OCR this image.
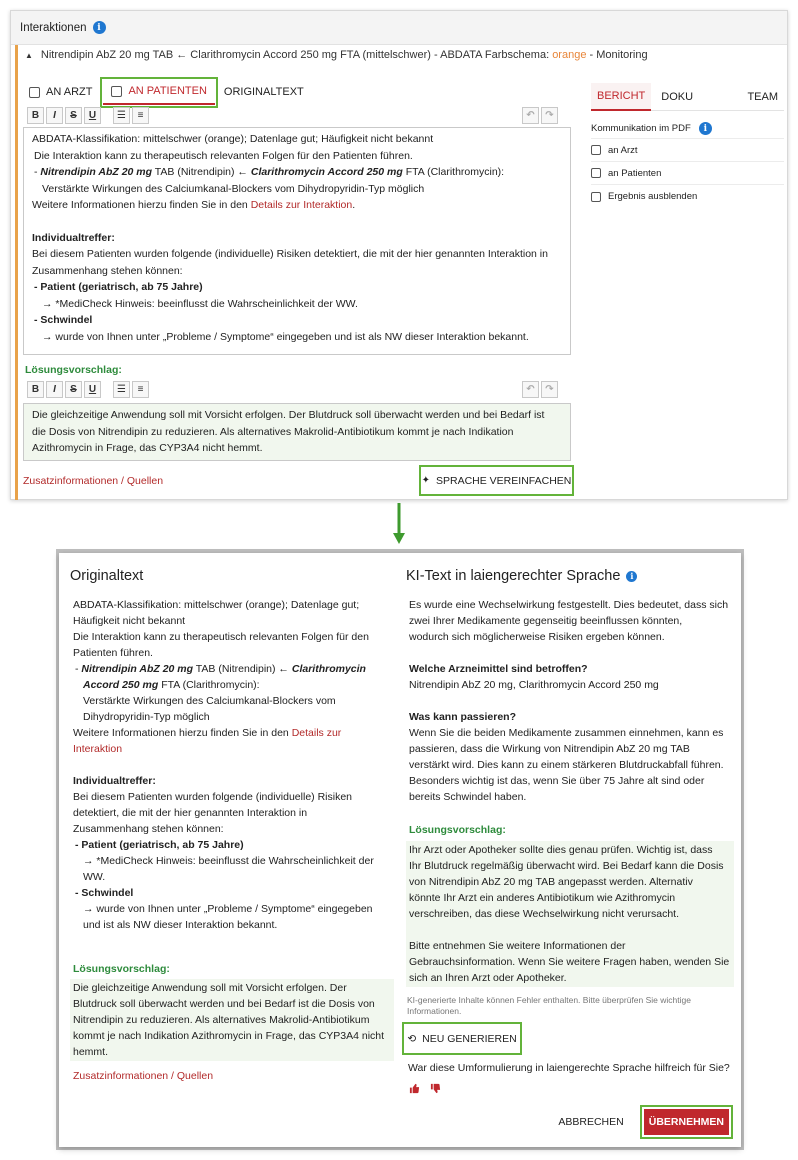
Interaktionen	i
▲ Nitrendipin AbZ 20 mg TAB ← Clarithromycin Accord 250 mg FTA (mittelschwer) - ABDATA Farbschema: orange - Monitoring
AN ARZT	AN PATIENTEN ORIGINALTEXT
B	I	S	U	☰	≡	↶	↷
ABDATA-Klassifikation: mittelschwer (orange); Datenlage gut; Häufigkeit nicht bekannt
Die Interaktion kann zu therapeutisch relevanten Folgen für den Patienten führen.
- Nitrendipin AbZ 20 mg TAB (Nitrendipin) ← Clarithromycin Accord 250 mg FTA (Clarithromycin):
Verstärkte Wirkungen des Calciumkanal-Blockers vom Dihydropyridin-Typ möglich
Weitere Informationen hierzu finden Sie in den Details zur Interaktion.
Individualtreffer:
Bei diesem Patienten wurden folgende (individuelle) Risiken detektiert, die mit der hier genannten Interaktion in
Zusammenhang stehen können:
- Patient (geriatrisch, ab 75 Jahre)
→ *MediCheck Hinweis: beeinflusst die Wahrscheinlichkeit der WW.
- Schwindel
→ wurde von Ihnen unter „Probleme / Symptome“ eingegeben und ist als NW dieser Interaktion bekannt.
Lösungsvorschlag:
B	I	S	U	☰	≡	↶	↷
Die gleichzeitige Anwendung soll mit Vorsicht erfolgen. Der Blutdruck soll überwacht werden und bei Bedarf ist
die Dosis von Nitrendipin zu reduzieren. Als alternatives Makrolid-Antibiotikum kommt je nach Indikation
Azithromycin in Frage, das CYP3A4 nicht hemmt.
Zusatzinformationen / Quellen	✦ SPRACHE VEREINFACHEN
BERICHT	DOKU	TEAM
Kommunikation im PDF	i
an Arzt
an Patienten
Ergebnis ausblenden
Originaltext	KI-Text in laiengerechter Sprache	i
ABDATA-Klassifikation: mittelschwer (orange); Datenlage gut;
Häufigkeit nicht bekannt
Die Interaktion kann zu therapeutisch relevanten Folgen für den
Patienten führen.
- Nitrendipin AbZ 20 mg TAB (Nitrendipin) ← Clarithromycin
Accord 250 mg FTA (Clarithromycin):
Verstärkte Wirkungen des Calciumkanal-Blockers vom
Dihydropyridin-Typ möglich
Weitere Informationen hierzu finden Sie in den Details zur
Interaktion
Individualtreffer:
Bei diesem Patienten wurden folgende (individuelle) Risiken
detektiert, die mit der hier genannten Interaktion in
Zusammenhang stehen können:
- Patient (geriatrisch, ab 75 Jahre)
→ *MediCheck Hinweis: beeinflusst die Wahrscheinlichkeit der
WW.
- Schwindel
→ wurde von Ihnen unter „Probleme / Symptome“ eingegeben
und ist als NW dieser Interaktion bekannt.
Lösungsvorschlag:
Die gleichzeitige Anwendung soll mit Vorsicht erfolgen. Der
Blutdruck soll überwacht werden und bei Bedarf ist die Dosis von
Nitrendipin zu reduzieren. Als alternatives Makrolid-Antibiotikum
kommt je nach Indikation Azithromycin in Frage, das CYP3A4 nicht
hemmt.
Zusatzinformationen / Quellen
Es wurde eine Wechselwirkung festgestellt. Dies bedeutet, dass sich
zwei Ihrer Medikamente gegenseitig beeinflussen könnten,
wodurch sich möglicherweise Risiken ergeben können.
Welche Arzneimittel sind betroffen?
Nitrendipin AbZ 20 mg, Clarithromycin Accord 250 mg
Was kann passieren?
Wenn Sie die beiden Medikamente zusammen einnehmen, kann es
passieren, dass die Wirkung von Nitrendipin AbZ 20 mg TAB
verstärkt wird. Dies kann zu einem stärkeren Blutdruckabfall führen.
Besonders wichtig ist das, wenn Sie über 75 Jahre alt sind oder
bereits Schwindel haben.
Lösungsvorschlag:
Ihr Arzt oder Apotheker sollte dies genau prüfen. Wichtig ist, dass
Ihr Blutdruck regelmäßig überwacht wird. Bei Bedarf kann die Dosis
von Nitrendipin AbZ 20 mg TAB angepasst werden. Alternativ
könnte Ihr Arzt ein anderes Antibiotikum wie Azithromycin
verschreiben, das diese Wechselwirkung nicht verursacht.
Bitte entnehmen Sie weitere Informationen der
Gebrauchsinformation. Wenn Sie weitere Fragen haben, wenden Sie
sich an Ihren Arzt oder Apotheker.
KI-generierte Inhalte können Fehler enthalten. Bitte überprüfen Sie wichtige
Informationen.
⟲ NEU GENERIEREN
War diese Umformulierung in laiengerechte Sprache hilfreich für Sie?
ABBRECHEN	ÜBERNEHMEN
